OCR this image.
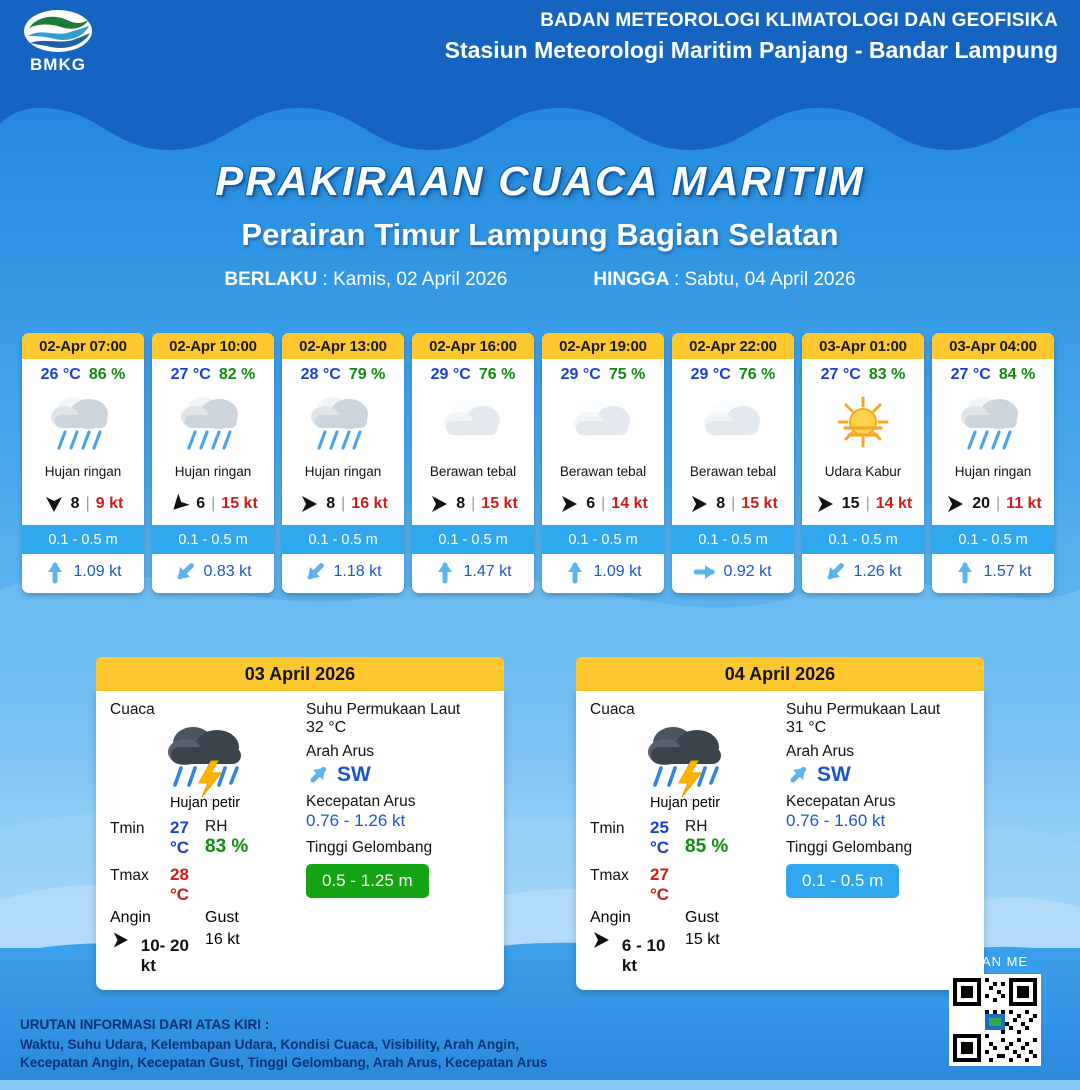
BMKG
BADAN METEOROLOGI KLIMATOLOGI DAN GEOFISIKA
Stasiun Meteorologi Maritim Panjang - Bandar Lampung
PRAKIRAAN CUACA MARITIM
Perairan Timur Lampung Bagian Selatan
BERLAKU : Kamis, 02 April 2026	HINGGA : Sabtu, 04 April 2026
02-Apr 07:00
26 °C 86 %
Hujan ringan
8 | 9 kt
0.1 - 0.5 m
1.09 kt
02-Apr 10:00
27 °C 82 %
Hujan ringan
6 | 15 kt
0.1 - 0.5 m
0.83 kt
02-Apr 13:00
28 °C 79 %
Hujan ringan
8 | 16 kt
0.1 - 0.5 m
1.18 kt
02-Apr 16:00
29 °C 76 %
Berawan tebal
8 | 15 kt
0.1 - 0.5 m
1.47 kt
02-Apr 19:00
29 °C 75 %
Berawan tebal
6 | 14 kt
0.1 - 0.5 m
1.09 kt
02-Apr 22:00
29 °C 76 %
Berawan tebal
8 | 15 kt
0.1 - 0.5 m
0.92 kt
03-Apr 01:00
27 °C 83 %
Udara Kabur
15 | 14 kt
0.1 - 0.5 m
1.26 kt
03-Apr 04:00
27 °C 84 %
Hujan ringan
20 | 11 kt
0.1 - 0.5 m
1.57 kt
03 April 2026
Cuaca
Hujan petir
Tmin	27 °C
Tmax	28 °C
RH
83 %
Angin
10- 20 kt
Gust
16 kt
Suhu Permukaan Laut
32 °C
Arah Arus
SW
Kecepatan Arus
0.76 - 1.26 kt
Tinggi Gelombang
0.5 - 1.25 m
04 April 2026
Cuaca
Hujan petir
Tmin	25 °C
Tmax	27 °C
RH
85 %
Angin
6 - 10 kt
Gust
15 kt
Suhu Permukaan Laut
31 °C
Arah Arus
SW
Kecepatan Arus
0.76 - 1.60 kt
Tinggi Gelombang
0.1 - 0.5 m
URUTAN INFORMASI DARI ATAS KIRI :
Waktu, Suhu Udara, Kelembapan Udara, Kondisi Cuaca, Visibility, Arah Angin,
Kecepatan Angin, Kecepatan Gust, Tinggi Gelombang, Arah Arus, Kecepatan Arus
SCAN ME
